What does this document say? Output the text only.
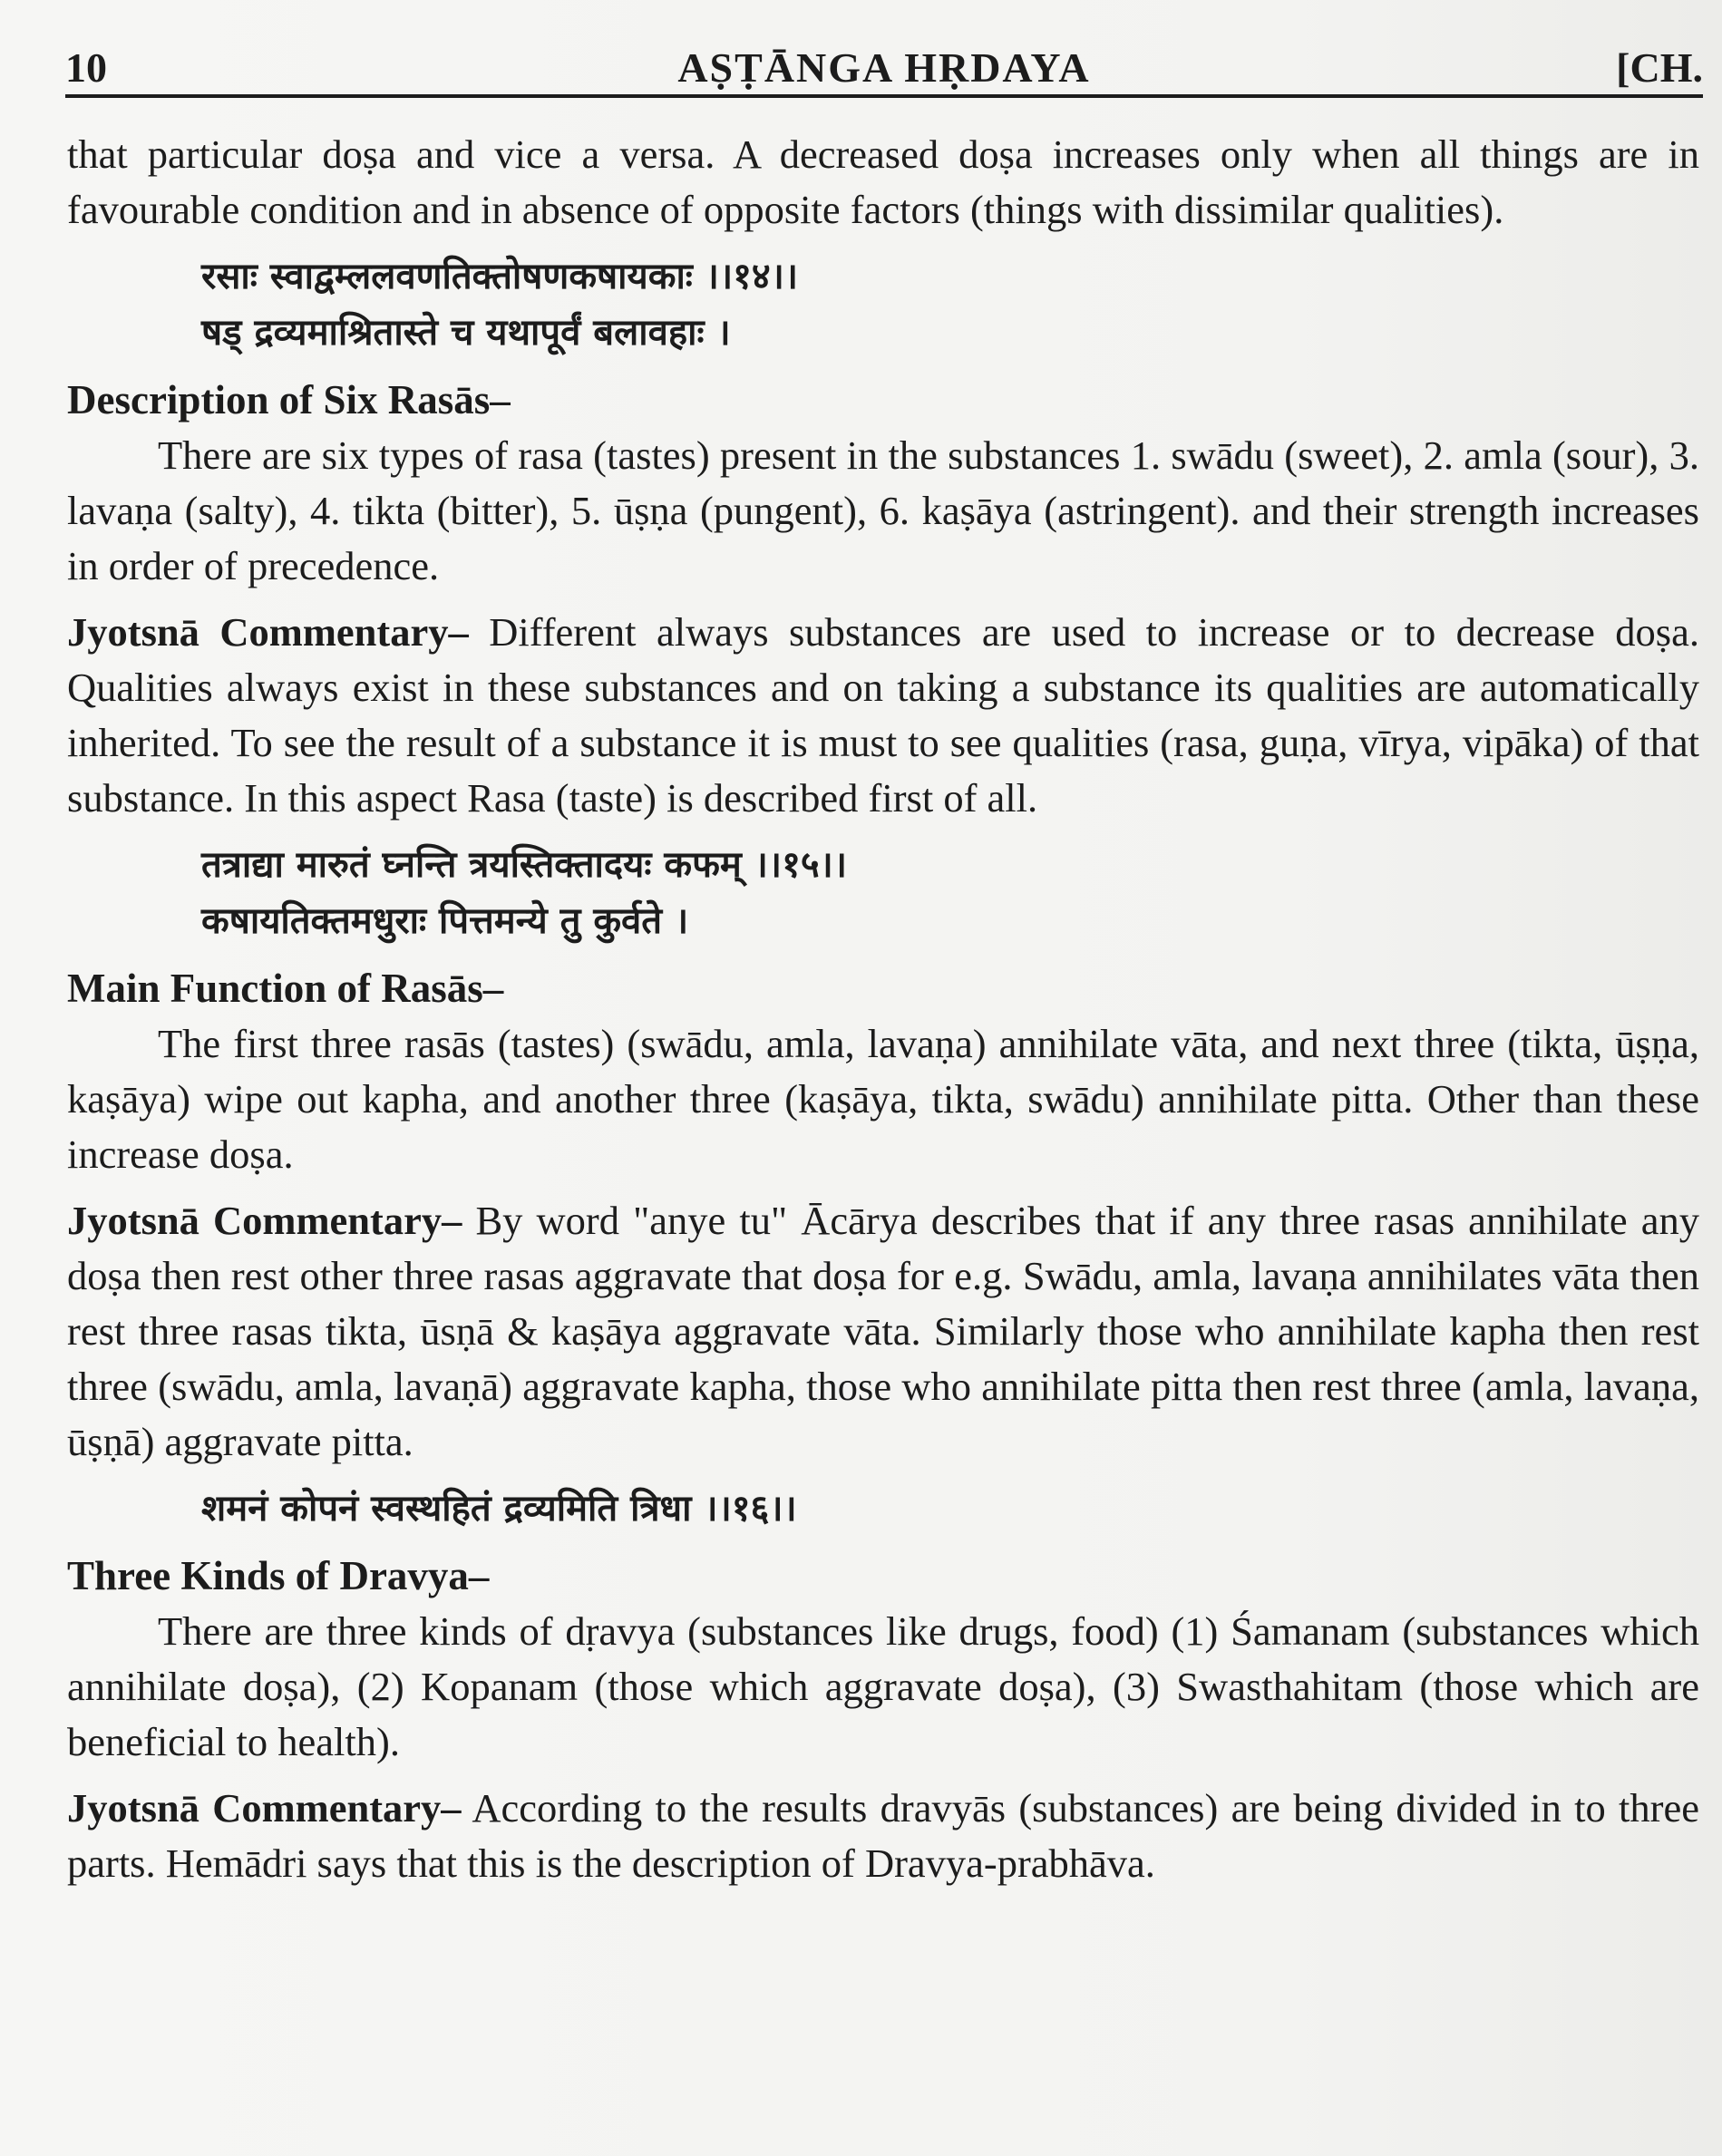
10	AṢṬĀNGA HṚDAYA	[CH.

that particular doṣa and vice a versa. A decreased doṣa increases only when all things are in favourable condition and in absence of opposite factors (things with dissimilar qualities).

रसाः स्वाद्वम्ललवणतिक्तोषणकषायकाः ।।१४।।

षड् द्रव्यमाश्रितास्ते च यथापूर्वं बलावहाः ।

Description of Six Rasās–

There are six types of rasa (tastes) present in the substances 1. swādu (sweet), 2. amla (sour), 3. lavaṇa (salty), 4. tikta (bitter), 5. ūṣṇa (pungent), 6. kaṣāya (astringent). and their strength increases in order of precedence.

Jyotsnā Commentary– Different always substances are used to increase or to decrease doṣa. Qualities always exist in these substances and on taking a substance its qualities are automatically inherited. To see the result of a substance it is must to see qualities (rasa, guṇa, vīrya, vipāka) of that substance. In this aspect Rasa (taste) is described first of all.

तत्राद्या मारुतं घ्नन्ति त्रयस्तिक्तादयः कफम् ।।१५।।

कषायतिक्तमधुराः पित्तमन्ये तु कुर्वते ।

Main Function of Rasās–

The first three rasās (tastes) (swādu, amla, lavaṇa) annihilate vāta, and next three (tikta, ūṣṇa, kaṣāya) wipe out kapha, and another three (kaṣāya, tikta, swādu) annihilate pitta. Other than these increase doṣa.

Jyotsnā Commentary– By word "anye tu" Ācārya describes that if any three rasas annihilate any doṣa then rest other three rasas aggravate that doṣa for e.g. Swādu, amla, lavaṇa annihilates vāta then rest three rasas tikta, ūsṇā & kaṣāya aggravate vāta. Similarly those who annihilate kapha then rest three (swādu, amla, lavaṇā) aggravate kapha, those who annihilate pitta then rest three (amla, lavaṇa, ūṣṇā) aggravate pitta.

शमनं कोपनं स्वस्थहितं द्रव्यमिति त्रिधा ।।१६।।

Three Kinds of Dravya–

There are three kinds of dṛavya (substances like drugs, food) (1) Śamanam (substances which annihilate doṣa), (2) Kopanam (those which aggravate doṣa), (3) Swasthahitam (those which are beneficial to health).

Jyotsnā Commentary– According to the results dravyās (substances) are being divided in to three parts. Hemādri says that this is the description of Dravya-prabhāva.
